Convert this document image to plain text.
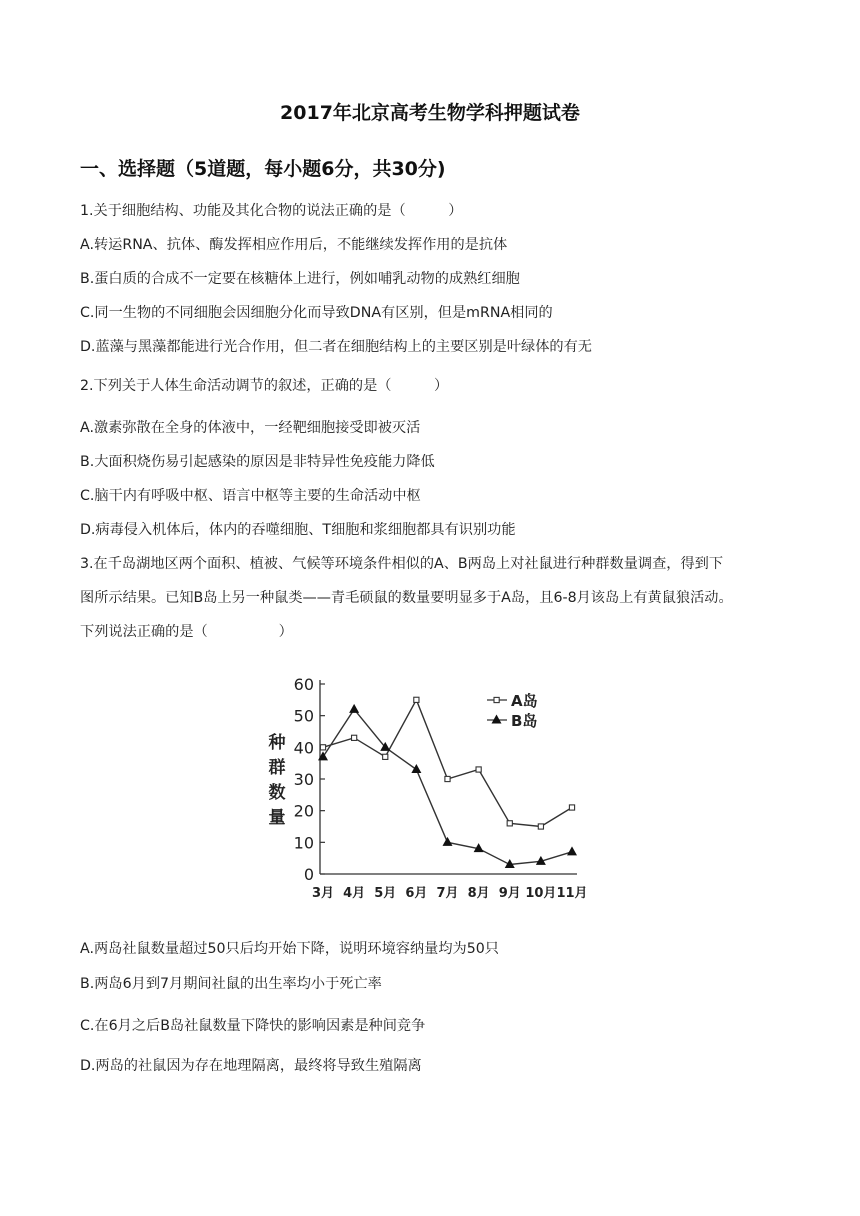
2017年北京高考生物学科押题试卷
一、选择题（5道题，每小题6分，共30分)
1.关于细胞结构、功能及其化合物的说法正确的是（　　　）
A.转运RNA、抗体、酶发挥相应作用后，不能继续发挥作用的是抗体
B.蛋白质的合成不一定要在核糖体上进行，例如哺乳动物的成熟红细胞
C.同一生物的不同细胞会因细胞分化而导致DNA有区别，但是mRNA相同的
D.蓝藻与黑藻都能进行光合作用，但二者在细胞结构上的主要区别是叶绿体的有无
2.下列关于人体生命活动调节的叙述，正确的是（　　　）
A.激素弥散在全身的体液中，一经靶细胞接受即被灭活
B.大面积烧伤易引起感染的原因是非特异性免疫能力降低
C.脑干内有呼吸中枢、语言中枢等主要的生命活动中枢
D.病毒侵入机体后，体内的吞噬细胞、T细胞和浆细胞都具有识别功能
3.在千岛湖地区两个面积、植被、气候等环境条件相似的A、B两岛上对社鼠进行种群数量调查，得到下
图所示结果。已知B岛上另一种鼠类——青毛硕鼠的数量要明显多于A岛，且6-8月该岛上有黄鼠狼活动。
下列说法正确的是（　　　　　）
种
群
数
量
0
10
20
30
40
50
60
3月 4月 5月 6月 7月 8月 9月 10月 11月
A岛
B岛
A.两岛社鼠数量超过50只后均开始下降，说明环境容纳量均为50只
B.两岛6月到7月期间社鼠的出生率均小于死亡率
C.在6月之后B岛社鼠数量下降快的影响因素是种间竞争
D.两岛的社鼠因为存在地理隔离，最终将导致生殖隔离
